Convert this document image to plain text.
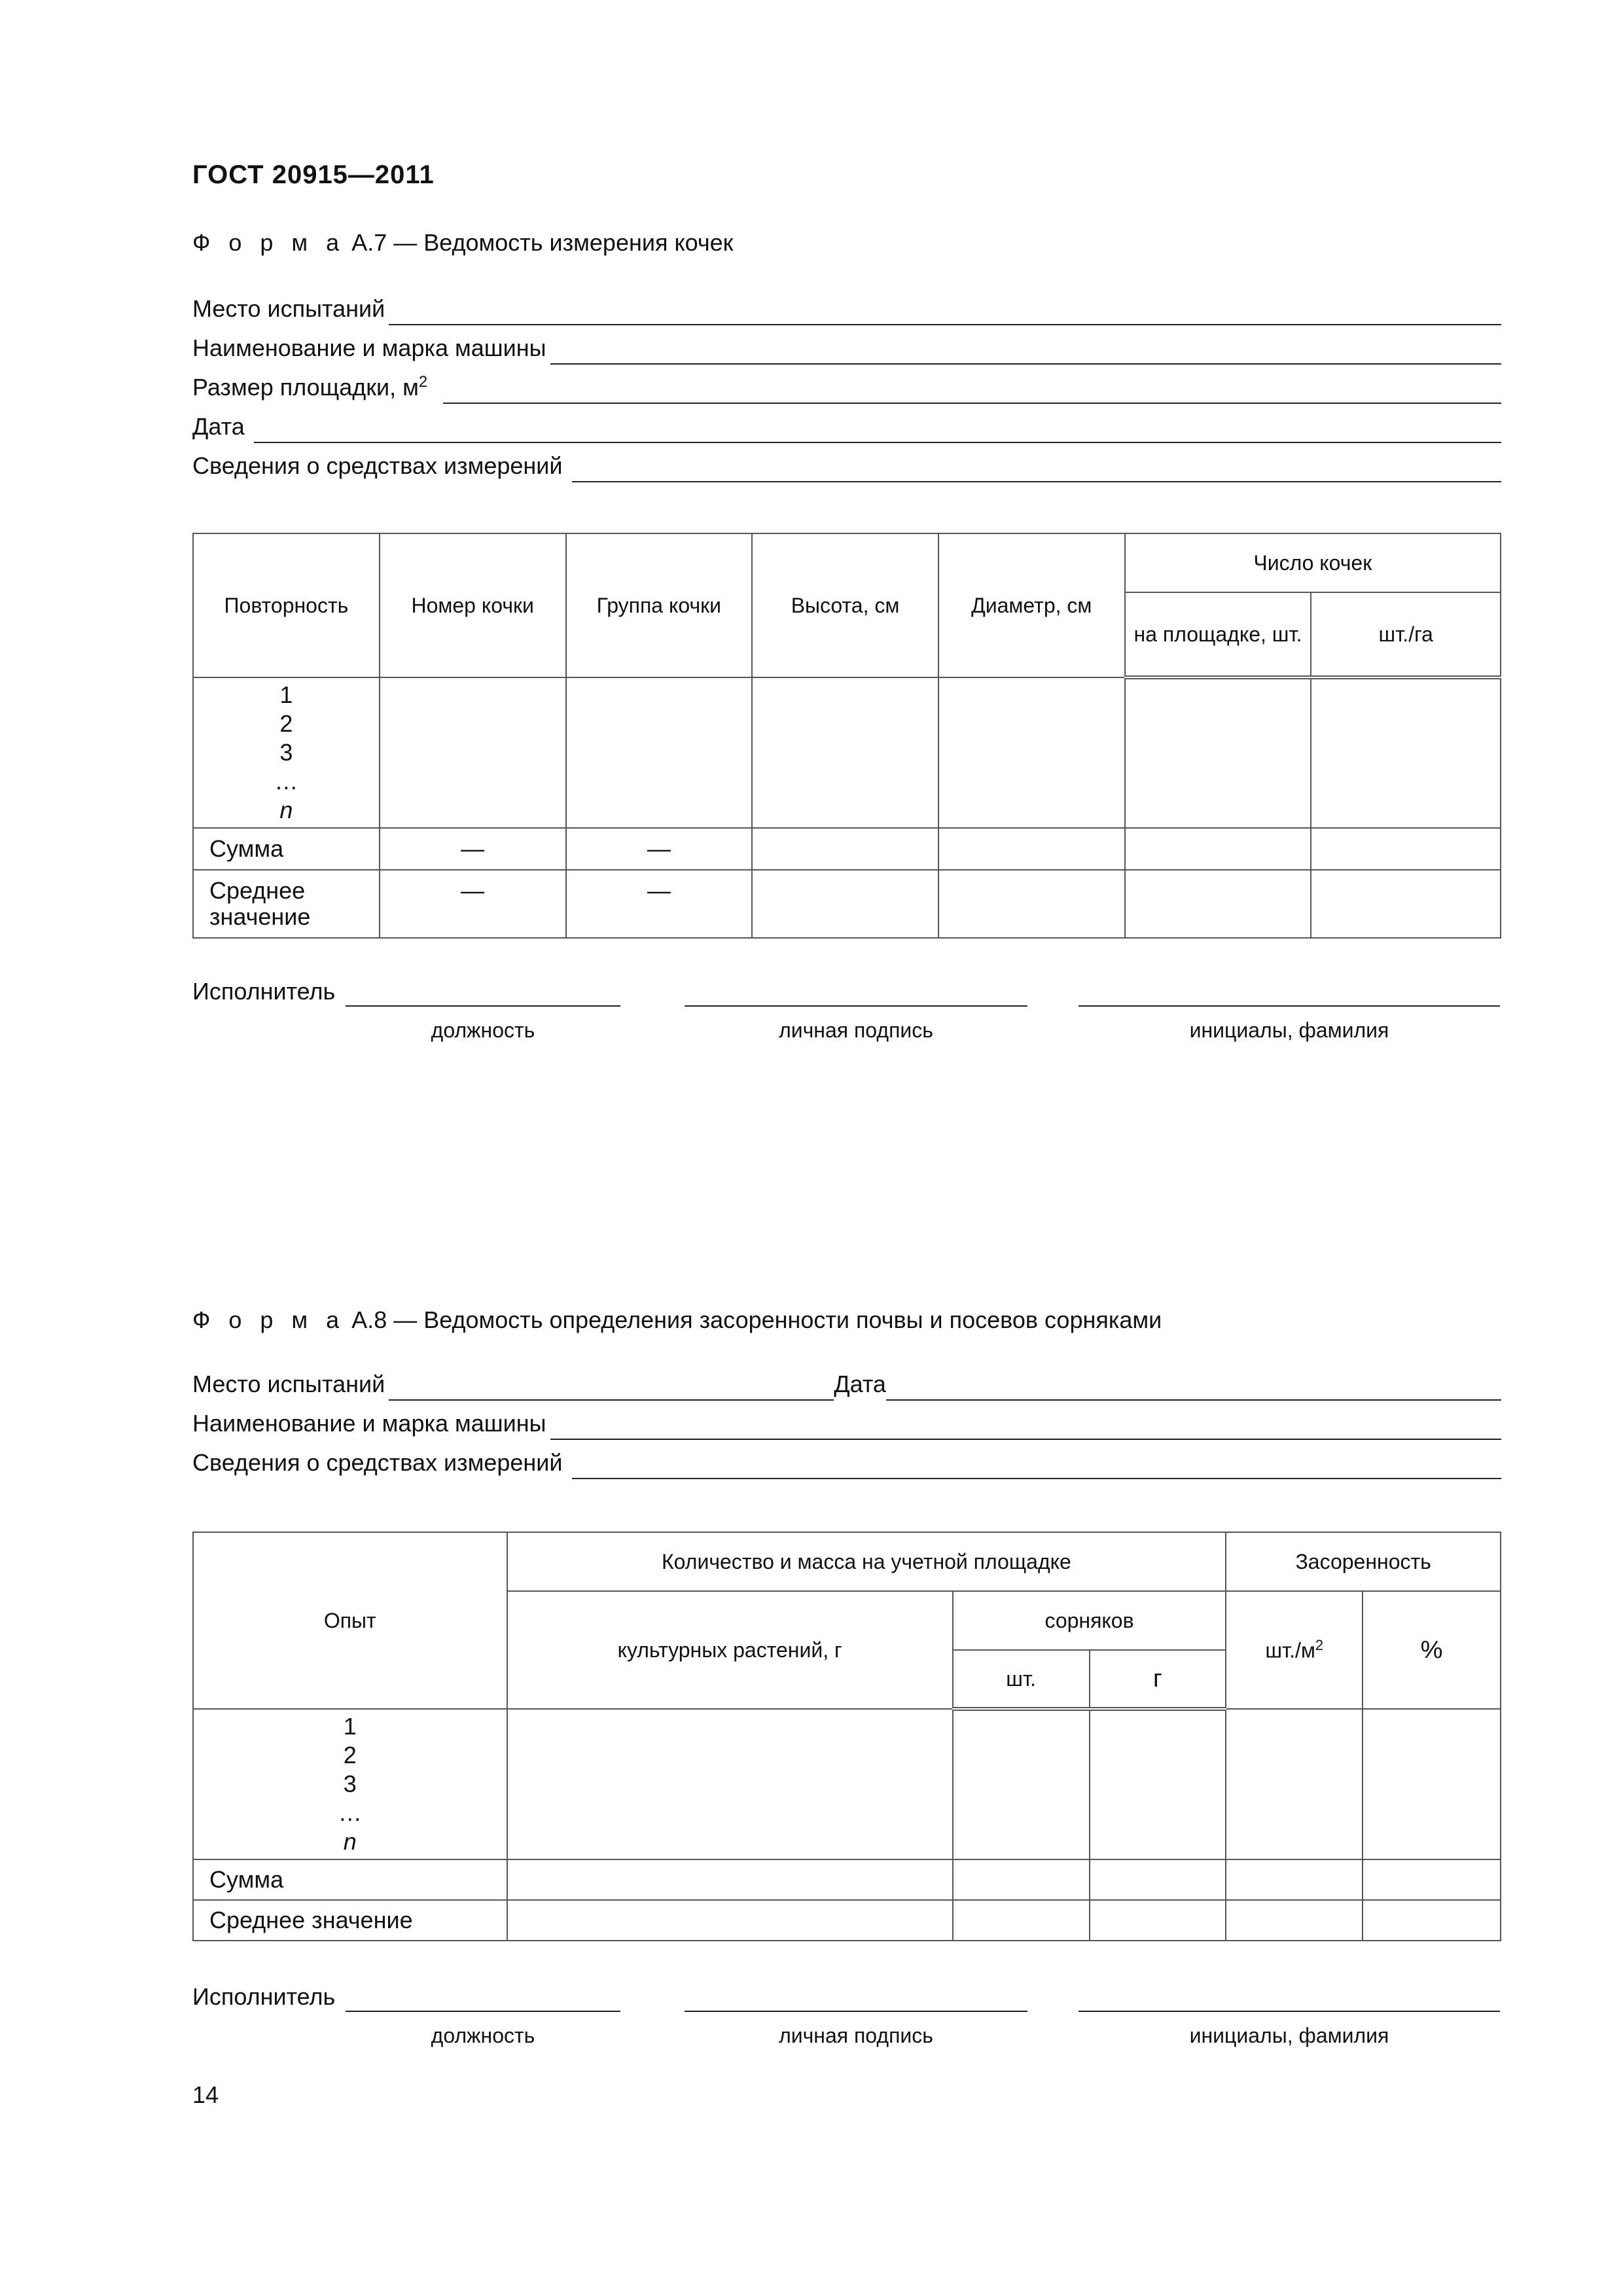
ГОСТ 20915—2011
Ф о р м а А.7 — Ведомость измерения кочек
Место испытаний
Наименование и марка машины
Размер площадки, $м^2$
Дата
Сведения о средствах измерений
Повторность	Номер кочки	Группа кочки	Высота, см	Диаметр, см	Число кочек	
					на площадке, шт.	шт./га

1
2
3
…
n						

Сумма	—	—				
Среднее значение	—	—				
Исполнитель
должность	личная подпись	инициалы, фамилия
Ф о р м а А.8 — Ведомость определения засоренности почвы и посевов сорняками
Место испытаний	Дата
Наименование и марка машины
Сведения о средствах измерений
Опыт	Количество и масса на учетной площадке			Засоренность	
	культурных растений, г	сорняков		$шт./м^2$	%
		шт.	г		

1
2
3
…
n					

Сумма					
Среднее значение					
Исполнитель
должность	личная подпись	инициалы, фамилия
14
